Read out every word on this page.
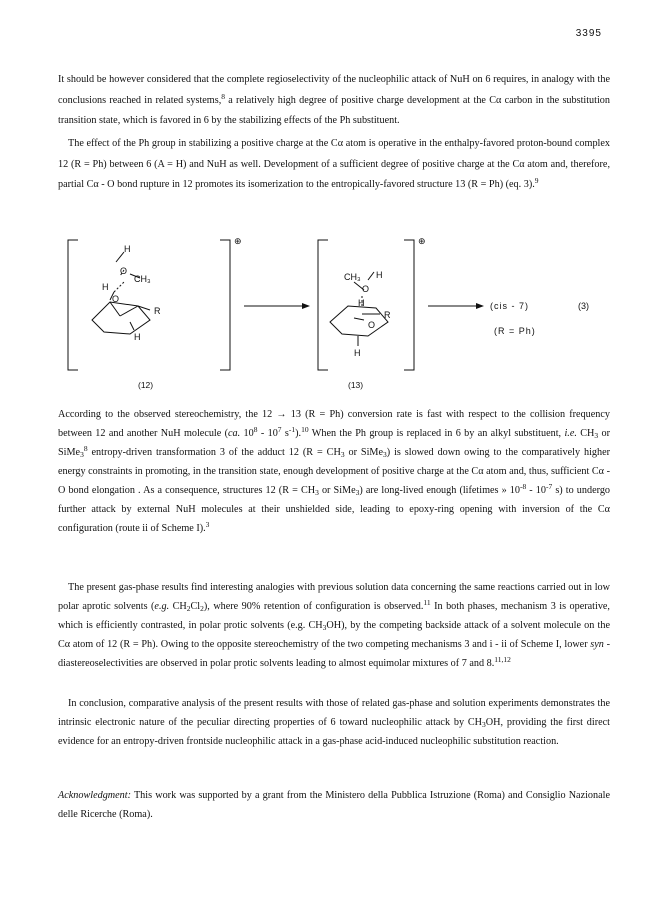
3395

It should be however considered that the complete regioselectivity of the nucleophilic attack of NuH on 6 requires, in analogy with the conclusions reached in related systems,$^8$ a relatively high degree of positive charge development at the Cα carbon in the substitution transition state, which is favored in 6 by the stabilizing effects of the Ph substituent.

The effect of the Ph group in stabilizing a positive charge at the Cα atom is operative in the enthalpy-favored proton-bound complex 12 (R = Ph) between 6 (A = H) and NuH as well. Development of a sufficient degree of positive charge at the Cα atom and, therefore, partial Cα - O bond rupture in 12 promotes its isomerization to the entropically-favored structure 13 (R = Ph) (eq. 3).$^9$

⊕	⊕
H
O
CH₃
H
O
R
H
CH₃
O
H
H
R
O
H
(cis - 7)
(R = Ph)
(3)
(12)	(13)

According to the observed stereochemistry, the 12 → 13 (R = Ph) conversion rate is fast with respect to the collision frequency between 12 and another NuH molecule (ca. $10^8 - 10^7$ $s^{-1}).^{10}$ When the Ph group is replaced in 6 by an alkyl substituent, i.e. $CH_3$ or SiMe$_3^8$ entropy-driven transformation 3 of the adduct 12 ($R = CH_3$ or SiMe$_3$) is slowed down owing to the comparatively higher energy constraints in promoting, in the transition state, enough development of positive charge at the Cα atom and, thus, sufficient Cα - O bond elongation . As a consequence, structures 12 ($R = CH_3$ or SiMe$_3$) are long-lived enough (lifetimes » $10^{-8} - 10^{-7}$ s) to undergo further attack by external NuH molecules at their unshielded side, leading to epoxy-ring opening with inversion of the Cα configuration (route ii of Scheme I).$^3$

The present gas-phase results find interesting analogies with previous solution data concerning the same reactions carried out in low polar aprotic solvents (e.g. $CH_2Cl_2$), where 90% retention of configuration is observed.$^{11}$ In both phases, mechanism 3 is operative, which is efficiently contrasted, in polar protic solvents (e.g. $CH_3OH$), by the competing backside attack of a solvent molecule on the Cα atom of 12 (R = Ph). Owing to the opposite stereochemistry of the two competing mechanisms 3 and i - ii of Scheme I, lower syn -diastereoselectivities are observed in polar protic solvents leading to almost equimolar mixtures of 7 and 8.$^{11,12}$

In conclusion, comparative analysis of the present results with those of related gas-phase and solution experiments demonstrates the intrinsic electronic nature of the peculiar directing properties of 6 toward nucleophilic attack by $CH_3OH$, providing the first direct evidence for an entropy-driven frontside nucleophilic attack in a gas-phase acid-induced nucleophilic substitution reaction.

Acknowledgment: This work was supported by a grant from the Ministero della Pubblica Istruzione (Roma) and Consiglio Nazionale delle Ricerche (Roma).
